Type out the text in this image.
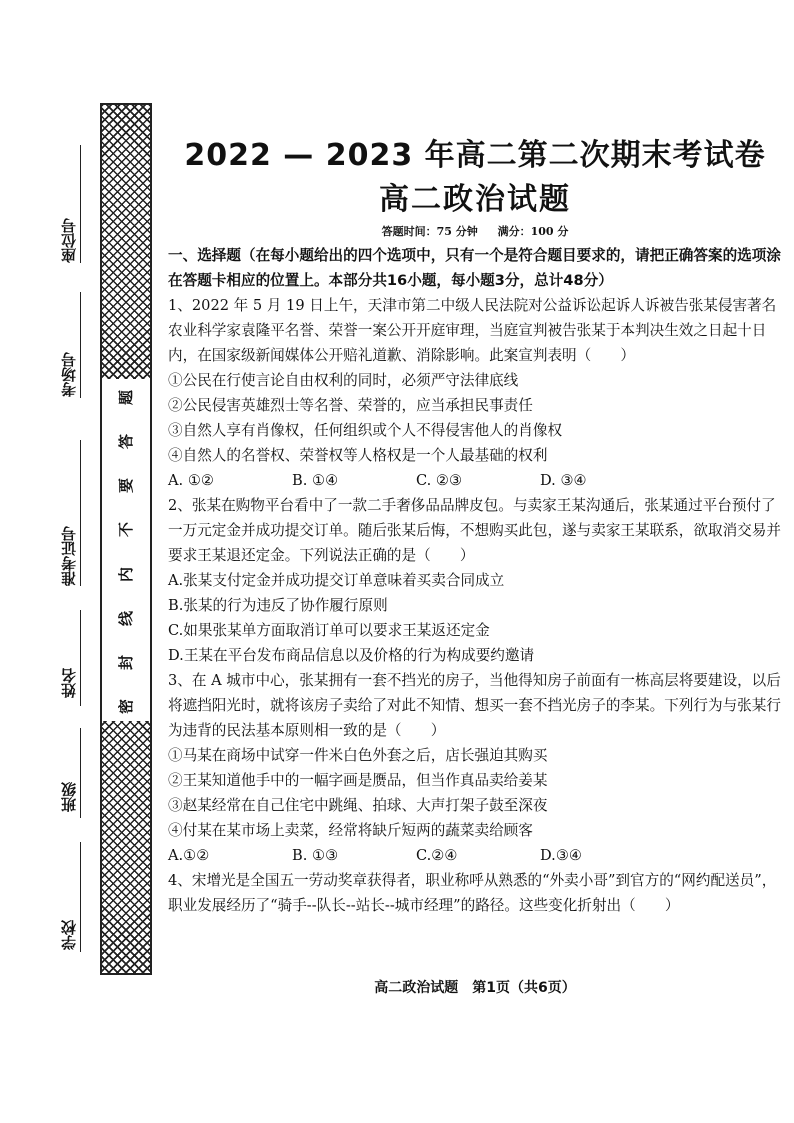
座位号
考场号
准考证号
姓名
班级
学校
题
答
要
不
内
线
封
密
2022 — 2023 年高二第二次期末考试卷
高二政治试题
答题时间：75 分钟 满分：100 分

一、选择题（在每小题给出的四个选项中，只有一个是符合题目要求的，请把正确答案的选项涂在答题卡相应的位置上。本部分共16小题，每小题3分，总计48分）

1、2022 年 5 月 19 日上午，天津市第二中级人民法院对公益诉讼起诉人诉被告张某侵害著名农业科学家袁隆平名誉、荣誉一案公开开庭审理，当庭宣判被告张某于本判决生效之日起十日内，在国家级新闻媒体公开赔礼道歉、消除影响。此案宣判表明（　　）

①公民在行使言论自由权利的同时，必须严守法律底线

②公民侵害英雄烈士等名誉、荣誉的，应当承担民事责任

③自然人享有肖像权，任何组织或个人不得侵害他人的肖像权

④自然人的名誉权、荣誉权等人格权是一个人最基础的权利

A. ①②	B. ①④	C. ②③	D. ③④

2、张某在购物平台看中了一款二手奢侈品品牌皮包。与卖家王某沟通后，张某通过平台预付了一万元定金并成功提交订单。随后张某后悔，不想购买此包，遂与卖家王某联系，欲取消交易并要求王某退还定金。下列说法正确的是（　　）

A.张某支付定金并成功提交订单意味着买卖合同成立

B.张某的行为违反了协作履行原则

C.如果张某单方面取消订单可以要求王某返还定金

D.王某在平台发布商品信息以及价格的行为构成要约邀请

3、在 A 城市中心，张某拥有一套不挡光的房子，当他得知房子前面有一栋高层将要建设，以后将遮挡阳光时，就将该房子卖给了对此不知情、想买一套不挡光房子的李某。下列行为与张某行为违背的民法基本原则相一致的是（　　）

①马某在商场中试穿一件米白色外套之后，店长强迫其购买

②王某知道他手中的一幅字画是赝品，但当作真品卖给姜某

③赵某经常在自己住宅中跳绳、拍球、大声打架子鼓至深夜

④付某在某市场上卖菜，经常将缺斤短两的蔬菜卖给顾客

A.①②	B. ①③	C.②④	D.③④

4、宋增光是全国五一劳动奖章获得者，职业称呼从熟悉的“外卖小哥”到官方的“网约配送员”，职业发展经历了“骑手--队长--站长--城市经理”的路径。这些变化折射出（　　）

高二政治试题　第1页（共6页）
